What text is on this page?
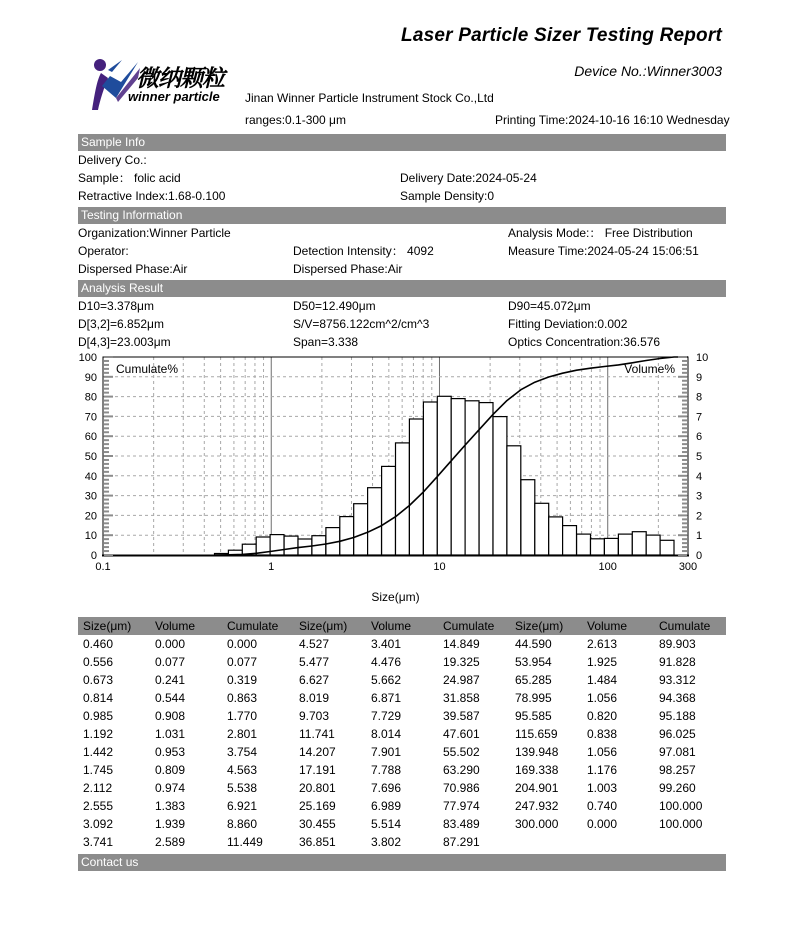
Laser Particle Sizer Testing Report
Device No.:Winner3003
微纳颗粒
winner particle Jinan Winner Particle Instrument Stock Co.,Ltd
ranges:0.1-300 μm	Printing Time:2024-10-16 16:10 Wednesday
Sample Info
Delivery Co.:
Sample： folic acid	Delivery Date:2024-05-24
Retractive Index:1.68-0.100	Sample Density:0
Testing Information
Organization:Winner Particle	Analysis Mode:： Free Distribution
Operator:	Detection Intensity： 4092	Measure Time:2024-05-24 15:06:51
Dispersed Phase:Air	Dispersed Phase:Air
Analysis Result
D10=3.378μm	D50=12.490μm	D90=45.072μm
D[3,2]=6.852μm	S/V=8756.122cm^2/cm^3	Fitting Deviation:0.002
D[4,3]=23.003μm	Span=3.338	Optics Concentration:36.576
0.1	1	10	100	300
0
10
20
30
40
50
60
70
80
90
100
0
1
2
3
4
5
6
7
8
9
10
Cumulate%	Volume%
Size(μm)
Size(μm)	Volume	Cumulate	Size(μm)	Volume	Cumulate	Size(μm)	Volume	Cumulate
0.460	0.000	0.000	4.527	3.401	14.849	44.590	2.613	89.903
0.556	0.077	0.077	5.477	4.476	19.325	53.954	1.925	91.828
0.673	0.241	0.319	6.627	5.662	24.987	65.285	1.484	93.312
0.814	0.544	0.863	8.019	6.871	31.858	78.995	1.056	94.368
0.985	0.908	1.770	9.703	7.729	39.587	95.585	0.820	95.188
1.192	1.031	2.801	11.741	8.014	47.601	115.659	0.838	96.025
1.442	0.953	3.754	14.207	7.901	55.502	139.948	1.056	97.081
1.745	0.809	4.563	17.191	7.788	63.290	169.338	1.176	98.257
2.112	0.974	5.538	20.801	7.696	70.986	204.901	1.003	99.260
2.555	1.383	6.921	25.169	6.989	77.974	247.932	0.740	100.000
3.092	1.939	8.860	30.455	5.514	83.489	300.000	0.000	100.000
3.741	2.589	11.449	36.851	3.802	87.291
Contact us
